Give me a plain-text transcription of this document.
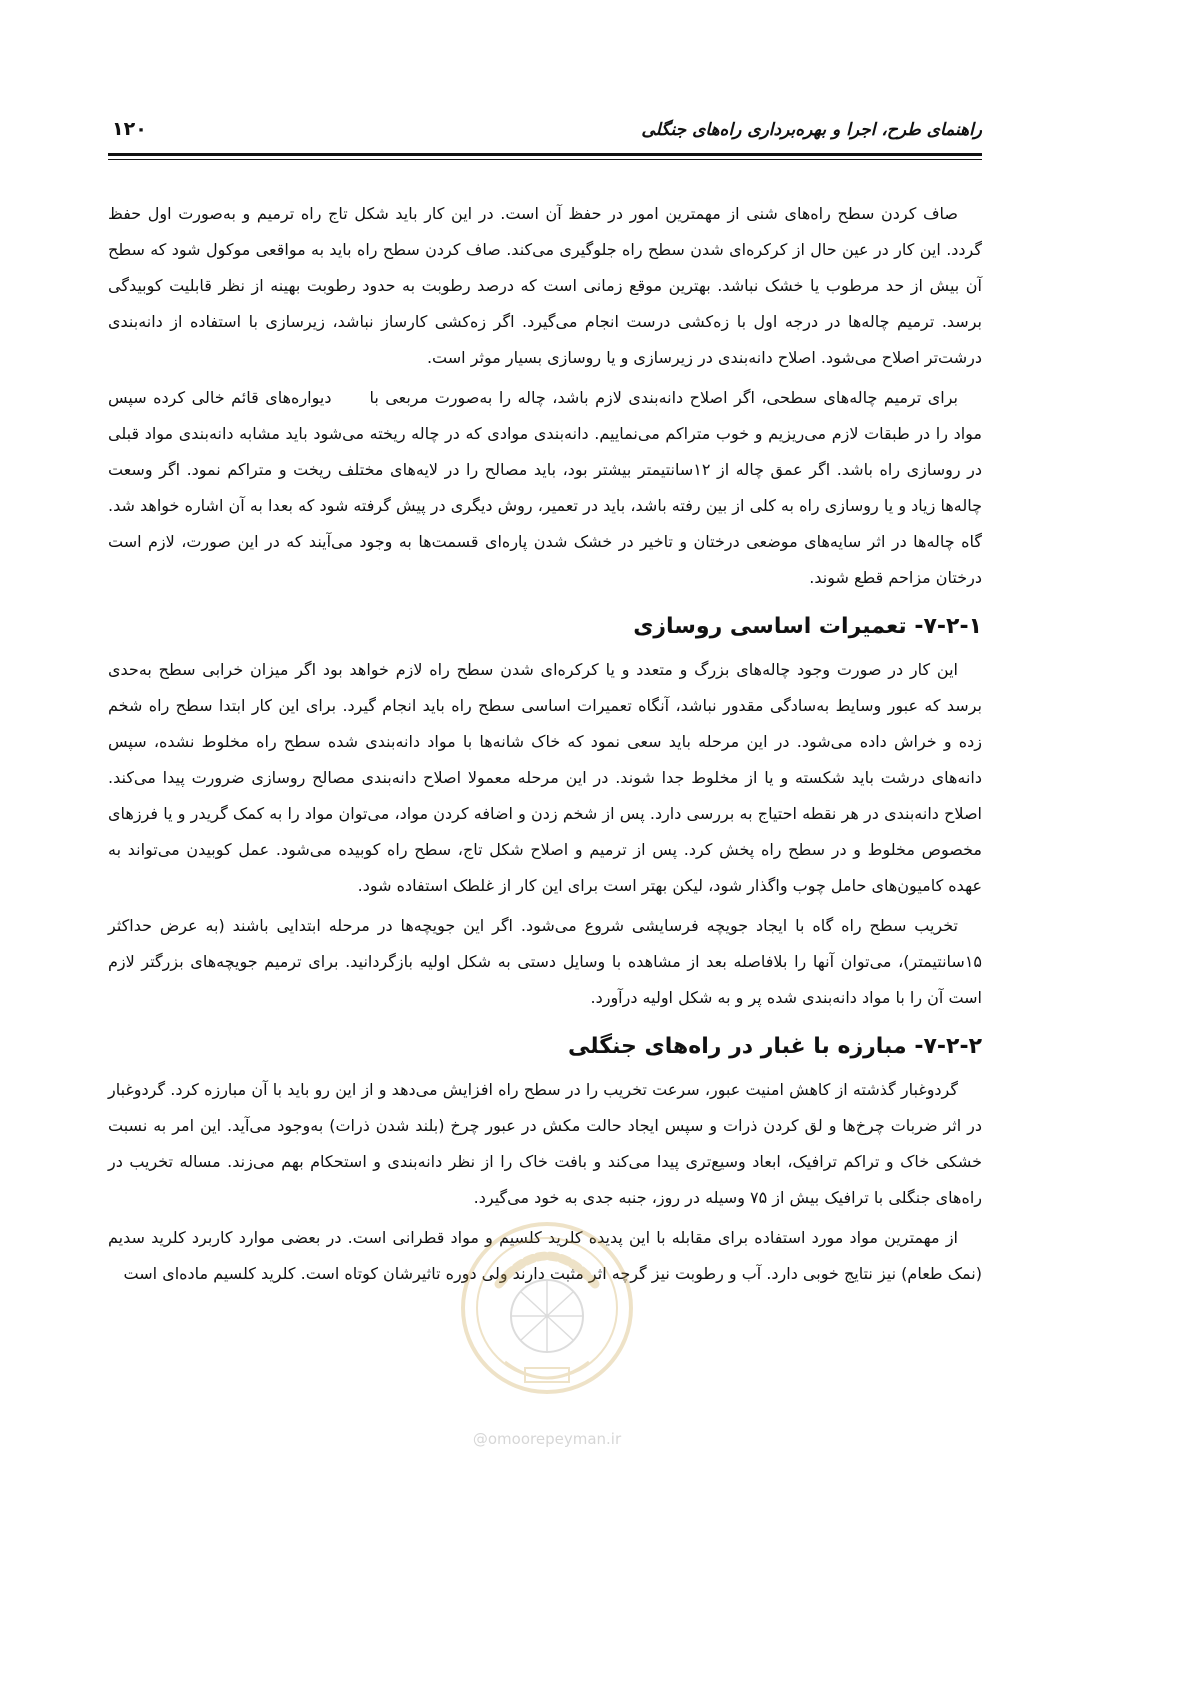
راهنمای طرح، اجرا و بهره‌برداری راه‌های جنگلی
۱۲۰

صاف کردن سطح راه‌های شنی از مهمترین امور در حفظ آن است. در این کار باید شکل تاج راه ترمیم و به‌صورت اول حفظ گردد. این کار در عین حال از کرکره‌ای شدن سطح راه جلوگیری می‌کند. صاف کردن سطح راه باید به مواقعی موکول شود که سطح آن بیش از حد مرطوب یا خشک نباشد. بهترین موقع زمانی است که درصد رطوبت به حدود رطوبت بهینه از نظر قابلیت کوبیدگی برسد. ترمیم چاله‌ها در درجه اول با زه‌کشی درست انجام می‌گیرد. اگر زه‌کشی کارساز نباشد، زیرسازی با استفاده از دانه‌بندی درشت‌تر اصلاح می‌شود. اصلاح دانه‌بندی در زیرسازی و یا روسازی بسیار موثر است.

برای ترمیم چاله‌های سطحی، اگر اصلاح دانه‌بندی لازم باشد، چاله را به‌صورت مربعی بادیواره‌های قائم خالی کرده سپس مواد را در طبقات لازم می‌ریزیم و خوب متراکم می‌نماییم. دانه‌بندی موادی که در چاله ریخته می‌شود باید مشابه دانه‌بندی مواد قبلی در روسازی راه باشد. اگر عمق چاله از ۱۲سانتیمتر بیشتر بود، باید مصالح را در لایه‌های مختلف ریخت و متراکم نمود. اگر وسعت چاله‌ها زیاد و یا روسازی راه به کلی از بین رفته باشد، باید در تعمیر، روش دیگری در پیش گرفته شود که بعدا به آن اشاره خواهد شد. گاه چاله‌ها در اثر سایه‌های موضعی درختان و تاخیر در خشک شدن پاره‌ای قسمت‌ها به وجود می‌آیند که در این صورت، لازم است درختان مزاحم قطع شوند.

۷-۲-۱- تعمیرات اساسی روسازی

این کار در صورت وجود چاله‌های بزرگ و متعدد و یا کرکره‌ای شدن سطح راه لازم خواهد بود اگر میزان خرابی سطح به‌حدی برسد که عبور وسایط به‌سادگی مقدور نباشد، آنگاه تعمیرات اساسی سطح راه باید انجام گیرد. برای این کار ابتدا سطح راه شخم زده و خراش داده می‌شود. در این مرحله باید سعی نمود که خاک شانه‌ها با مواد دانه‌بندی شده سطح راه مخلوط نشده، سپس دانه‌های درشت باید شکسته و یا از مخلوط جدا شوند. در این مرحله معمولا اصلاح دانه‌بندی مصالح روسازی ضرورت پیدا می‌کند. اصلاح دانه‌بندی در هر نقطه احتیاج به بررسی دارد. پس از شخم زدن و اضافه کردن مواد، می‌توان مواد را به کمک گریدر و یا فرزهای مخصوص مخلوط و در سطح راه پخش کرد. پس از ترمیم و اصلاح شکل تاج، سطح راه کوبیده می‌شود. عمل کوبیدن می‌تواند به عهده کامیون‌های حامل چوب واگذار شود، لیکن بهتر است برای این کار از غلطک استفاده شود.

تخریب سطح راه گاه با ایجاد جویچه فرسایشی شروع می‌شود. اگر این جویچه‌ها در مرحله ابتدایی باشند (به عرض حداکثر ۱۵سانتیمتر)، می‌توان آنها را بلافاصله بعد از مشاهده با وسایل دستی به شکل اولیه بازگردانید. برای ترمیم جویچه‌های بزرگتر لازم است آن را با مواد دانه‌بندی شده پر و به شکل اولیه درآورد.

۷-۲-۲- مبارزه با غبار در راه‌های جنگلی

گردوغبار گذشته از کاهش امنیت عبور، سرعت تخریب را در سطح راه افزایش می‌دهد و از این رو باید با آن مبارزه کرد. گردوغبار در اثر ضربات چرخ‌ها و لق کردن ذرات و سپس ایجاد حالت مکش در عبور چرخ (بلند شدن ذرات) به‌وجود می‌آید. این امر به نسبت خشکی خاک و تراکم ترافیک، ابعاد وسیع‌تری پیدا می‌کند و بافت خاک را از نظر دانه‌بندی و استحکام بهم می‌زند. مساله تخریب در راه‌های جنگلی با ترافیک بیش از ۷۵ وسیله در روز، جنبه جدی به خود می‌گیرد.

از مهمترین مواد مورد استفاده برای مقابله با این پدیده کلرید کلسیم و مواد قطرانی است. در بعضی موارد کاربرد کلرید سدیم (نمک طعام) نیز نتایج خوبی دارد. آب و رطوبت نیز گرچه اثر مثبت دارند ولی دوره تاثیرشان کوتاه است. کلرید کلسیم ماده‌ای است

@omoorepeyman.ir
